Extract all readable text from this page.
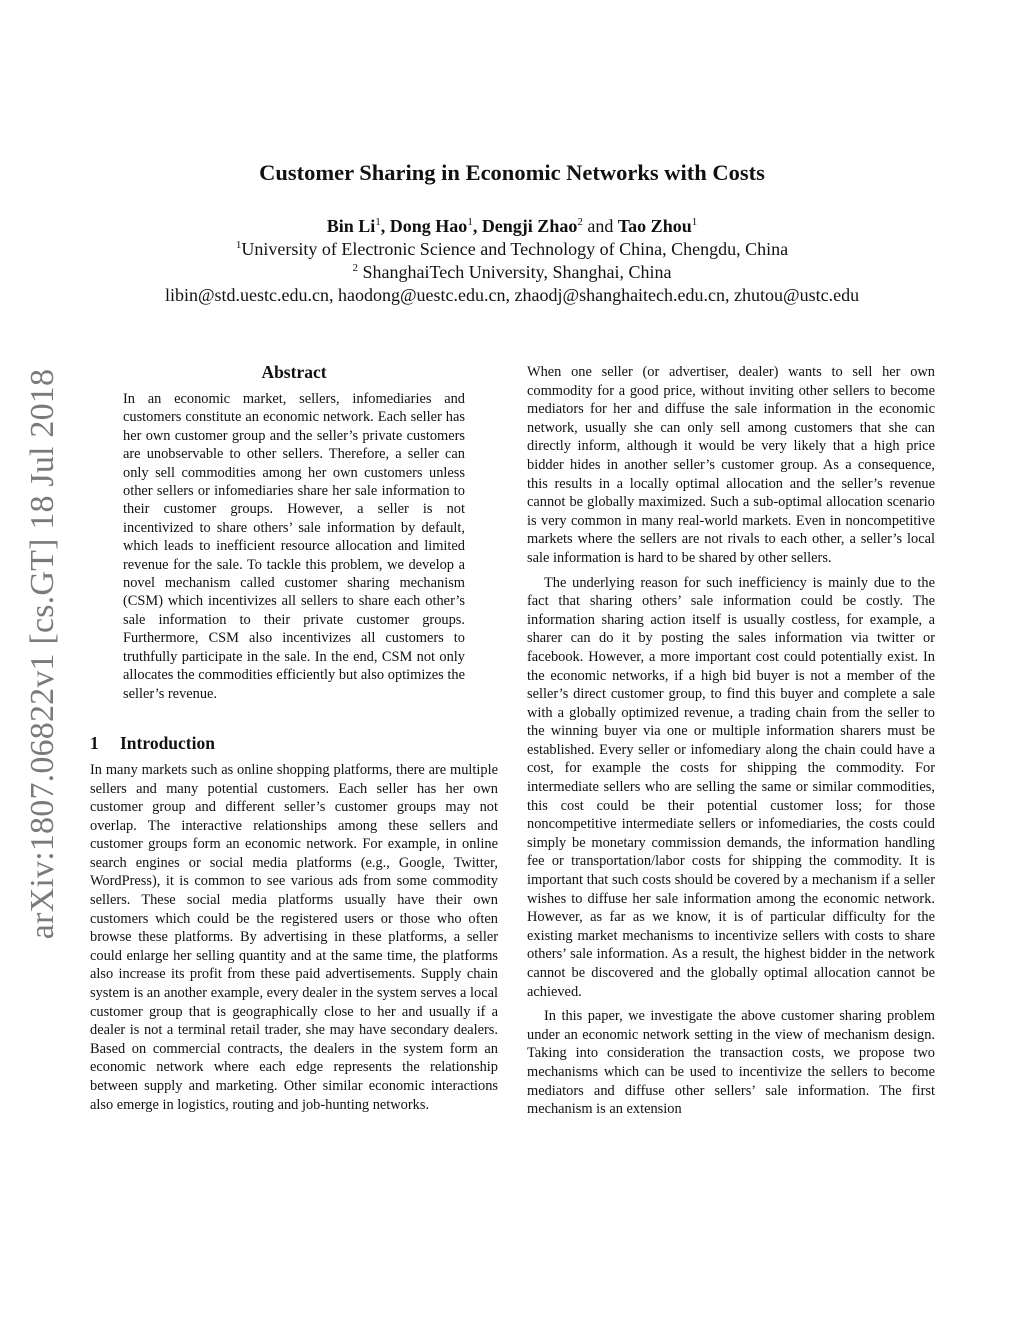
arXiv:1807.06822v1 [cs.GT] 18 Jul 2018
Customer Sharing in Economic Networks with Costs
Bin Li$^1$, Dong Hao$^1$, Dengji Zhao$^2$ and Tao Zhou$^1$
$^1$University of Electronic Science and Technology of China, Chengdu, China
$^2$ ShanghaiTech University, Shanghai, China
libin@std.uestc.edu.cn, haodong@uestc.edu.cn, zhaodj@shanghaitech.edu.cn, zhutou@ustc.edu
Abstract

In an economic market, sellers, infomediaries and customers constitute an economic network. Each seller has her own customer group and the seller’s private customers are unobservable to other sellers. Therefore, a seller can only sell commodities among her own customers unless other sellers or infomediaries share her sale information to their customer groups. However, a seller is not incentivized to share others’ sale information by default, which leads to inefficient resource allocation and limited revenue for the sale. To tackle this problem, we develop a novel mechanism called customer sharing mechanism (CSM) which incentivizes all sellers to share each other’s sale information to their private customer groups. Furthermore, CSM also incentivizes all customers to truthfully participate in the sale. In the end, CSM not only allocates the commodities efficiently but also optimizes the seller’s revenue.

1 Introduction

In many markets such as online shopping platforms, there are multiple sellers and many potential customers. Each seller has her own customer group and different seller’s customer groups may not overlap. The interactive relationships among these sellers and customer groups form an economic network. For example, in online search engines or social media platforms (e.g., Google, Twitter, WordPress), it is common to see various ads from some commodity sellers. These social media platforms usually have their own customers which could be the registered users or those who often browse these platforms. By advertising in these platforms, a seller could enlarge her selling quantity and at the same time, the platforms also increase its profit from these paid advertisements. Supply chain system is an another example, every dealer in the system serves a local customer group that is geographically close to her and usually if a dealer is not a terminal retail trader, she may have secondary dealers. Based on commercial contracts, the dealers in the system form an economic network where each edge represents the relationship between supply and marketing. Other similar economic interactions also emerge in logistics, routing and job-hunting networks.

When one seller (or advertiser, dealer) wants to sell her own commodity for a good price, without inviting other sellers to become mediators for her and diffuse the sale information in the economic network, usually she can only sell among customers that she can directly inform, although it would be very likely that a high price bidder hides in another seller’s customer group. As a consequence, this results in a locally optimal allocation and the seller’s revenue cannot be globally maximized. Such a sub-optimal allocation scenario is very common in many real-world markets. Even in noncompetitive markets where the sellers are not rivals to each other, a seller’s local sale information is hard to be shared by other sellers.

The underlying reason for such inefficiency is mainly due to the fact that sharing others’ sale information could be costly. The information sharing action itself is usually costless, for example, a sharer can do it by posting the sales information via twitter or facebook. However, a more important cost could potentially exist. In the economic networks, if a high bid buyer is not a member of the seller’s direct customer group, to find this buyer and complete a sale with a globally optimized revenue, a trading chain from the seller to the winning buyer via one or multiple information sharers must be established. Every seller or infomediary along the chain could have a cost, for example the costs for shipping the commodity. For intermediate sellers who are selling the same or similar commodities, this cost could be their potential customer loss; for those noncompetitive intermediate sellers or infomediaries, the costs could simply be monetary commission demands, the information handling fee or transportation/labor costs for shipping the commodity. It is important that such costs should be covered by a mechanism if a seller wishes to diffuse her sale information among the economic network. However, as far as we know, it is of particular difficulty for the existing market mechanisms to incentivize sellers with costs to share others’ sale information. As a result, the highest bidder in the network cannot be discovered and the globally optimal allocation cannot be achieved.

In this paper, we investigate the above customer sharing problem under an economic network setting in the view of mechanism design. Taking into consideration the transaction costs, we propose two mechanisms which can be used to incentivize the sellers to become mediators and diffuse other sellers’ sale information. The first mechanism is an extension
